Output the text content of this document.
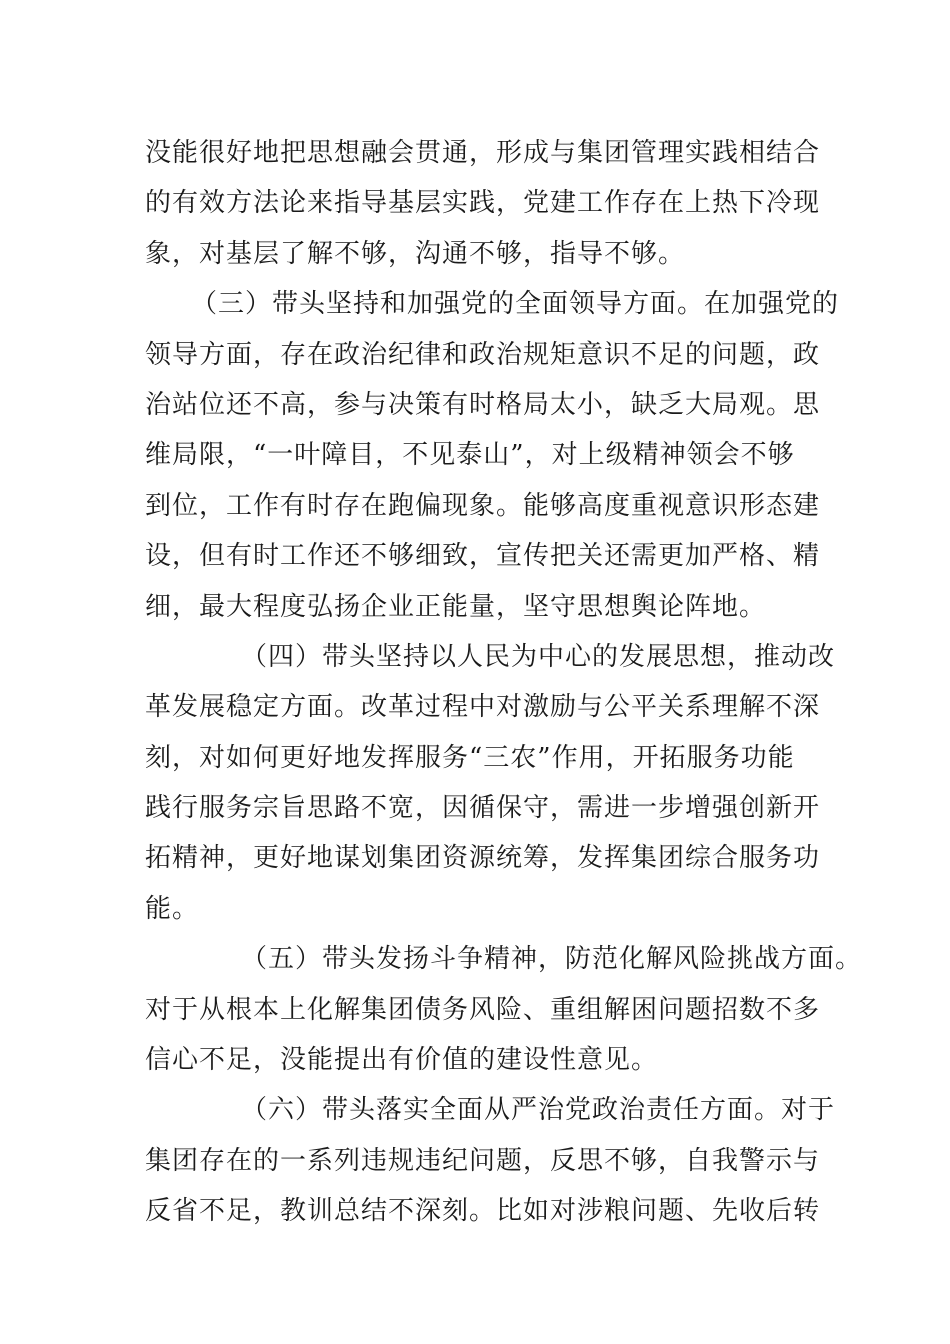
没能很好地把思想融会贯通，形成与集团管理实践相结合
的有效方法论来指导基层实践，党建工作存在上热下冷现
象，对基层了解不够，沟通不够，指导不够。
（三）带头坚持和加强党的全面领导方面。在加强党的
领导方面，存在政治纪律和政治规矩意识不足的问题，政
治站位还不高，参与决策有时格局太小，缺乏大局观。思
维局限，“一叶障目，不见泰山”，对上级精神领会不够
到位，工作有时存在跑偏现象。能够高度重视意识形态建
设，但有时工作还不够细致，宣传把关还需更加严格、精
细，最大程度弘扬企业正能量，坚守思想舆论阵地。
（四）带头坚持以人民为中心的发展思想，推动改
革发展稳定方面。改革过程中对激励与公平关系理解不深
刻，对如何更好地发挥服务“三农”作用，开拓服务功能
践行服务宗旨思路不宽，因循保守，需进一步增强创新开
拓精神，更好地谋划集团资源统筹，发挥集团综合服务功
能。
（五）带头发扬斗争精神，防范化解风险挑战方面。
对于从根本上化解集团债务风险、重组解困问题招数不多
信心不足，没能提出有价值的建设性意见。
（六）带头落实全面从严治党政治责任方面。对于
集团存在的一系列违规违纪问题，反思不够，自我警示与
反省不足，教训总结不深刻。比如对涉粮问题、先收后转
